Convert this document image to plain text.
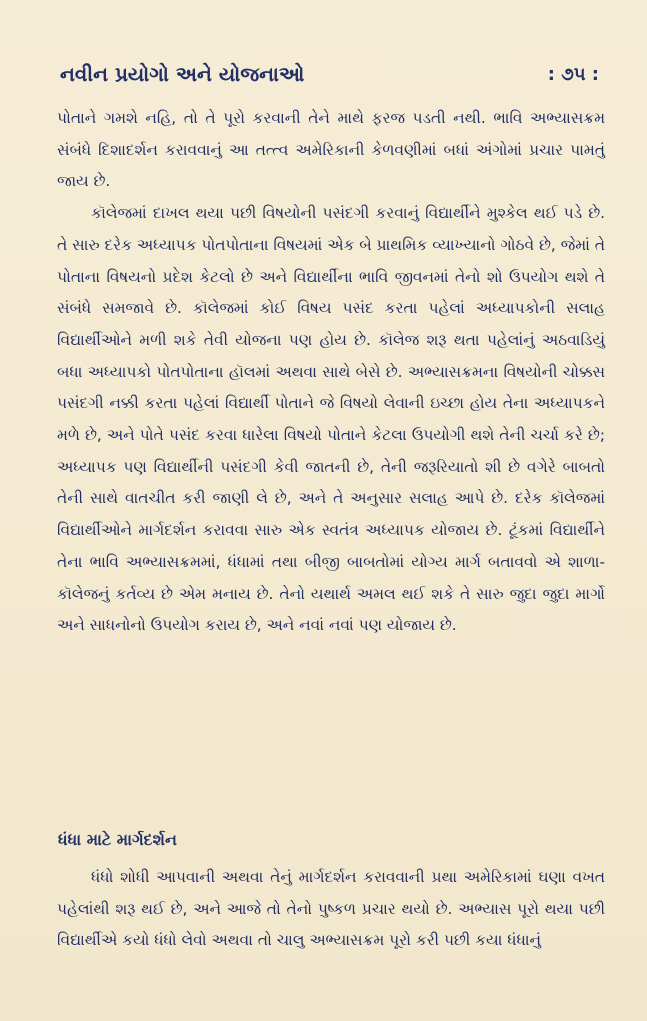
નવીન પ્રયોગો અને યોજનાઓ	: ૭૫ :

પોતાને ગમશે નહિ, તો તે પૂરો કરવાની તેને માથે ફરજ પડતી નથી. ભાવિ અભ્યાસક્રમ સંબંધે દિશાદર્શન કરાવવાનું આ તત્ત્વ અમેરિકાની કેળવણીમાં બધાં અંગોમાં પ્રચાર પામતું જાય છે.

કૉલેજમાં દાખલ થયા પછી વિષયોની પસંદગી કરવાનું વિદ્યાર્થીને મુશ્કેલ થઈ પડે છે. તે સારુ દરેક અધ્યાપક પોતપોતાના વિષયમાં એક બે પ્રાથમિક વ્યાખ્યાનો ગોઠવે છે, જેમાં તે પોતાના વિષયનો પ્રદેશ કેટલો છે અને વિદ્યાર્થીના ભાવિ જીવનમાં તેનો શો ઉપયોગ થશે તે સંબંધે સમજાવે છે. કૉલેજમાં કોઈ વિષય પસંદ કરતા પહેલાં અધ્યાપકોની સલાહ વિદ્યાર્થીઓને મળી શકે તેવી યોજના પણ હોય છે. કૉલેજ શરૂ થતા પહેલાંનું અઠવાડિયું બધા અધ્યાપકો પોતપોતાના હૉલમાં અથવા સાથે બેસે છે. અભ્યાસક્રમના વિષયોની ચોક્કસ પસંદગી નક્કી કરતા પહેલાં વિદ્યાર્થી પોતાને જે વિષયો લેવાની ઇચ્છા હોય તેના અધ્યાપકને મળે છે, અને પોતે પસંદ કરવા ધારેલા વિષયો પોતાને કેટલા ઉપયોગી થશે તેની ચર્ચા કરે છે; અધ્યાપક પણ વિદ્યાર્થીની પસંદગી કેવી જાતની છે, તેની જરૂરિયાતો શી છે વગેરે બાબતો તેની સાથે વાતચીત કરી જાણી લે છે, અને તે અનુસાર સલાહ આપે છે. દરેક કૉલેજમાં વિદ્યાર્થીઓને માર્ગદર્શન કરાવવા સારુ એક સ્વતંત્ર અધ્યાપક યોજાય છે. ટૂંકમાં વિદ્યાર્થીને તેના ભાવિ અભ્યાસક્રમમાં, ધંધામાં તથા બીજી બાબતોમાં યોગ્ય માર્ગ બતાવવો એ શાળા-કૉલેજનું કર્તવ્ય છે એમ મનાય છે. તેનો યથાર્થ અમલ થઈ શકે તે સારુ જુદા જુદા માર્ગો અને સાધનોનો ઉપયોગ કરાય છે, અને નવાં નવાં પણ યોજાય છે.

ધંધા માટે માર્ગદર્શન

ધંધો શોધી આપવાની અથવા તેનું માર્ગદર્શન કરાવવાની પ્રથા અમેરિકામાં ઘણા વખત પહેલાંથી શરૂ થઈ છે, અને આજે તો તેનો પુષ્કળ પ્રચાર થયો છે. અભ્યાસ પૂરો થયા પછી વિદ્યાર્થીએ કયો ધંધો લેવો અથવા તો ચાલુ અભ્યાસક્રમ પૂરો કરી પછી કયા ધંધાનું
